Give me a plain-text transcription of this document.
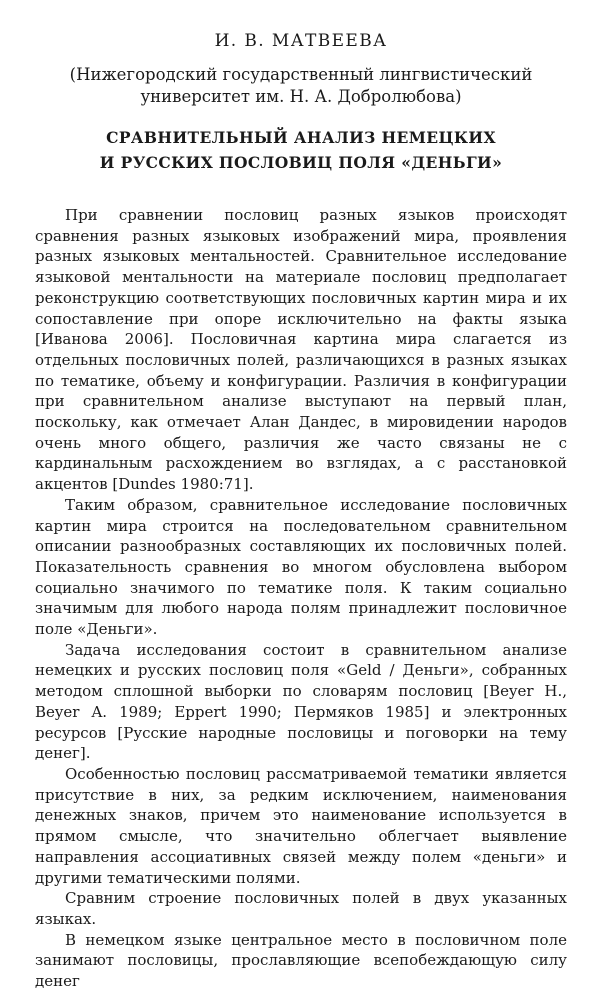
И. В. МАТВЕЕВА

(Нижегородский государственный лингвистический
университет им. Н. А. Добролюбова)

СРАВНИТЕЛЬНЫЙ АНАЛИЗ НЕМЕЦКИХ
И РУССКИХ ПОСЛОВИЦ ПОЛЯ «ДЕНЬГИ»

При сравнении пословиц разных языков происходят сравнения разных языковых изображений мира, проявления разных языковых ментальностей. Сравнительное исследование языковой ментальности на материале пословиц предполагает реконструкцию соответствующих пословичных картин мира и их сопоставление при опоре исключительно на факты языка [Иванова 2006]. Пословичная картина мира слагается из отдельных пословичных полей, различающихся в разных языках по тематике, объему и конфигурации. Различия в конфигурации при сравнительном анализе выступают на первый план, поскольку, как отмечает Алан Дандес, в мировидении народов очень много общего, различия же часто связаны не с кардинальным расхождением во взглядах, а с расстановкой акцентов [Dundes 1980:71].

Таким образом, сравнительное исследование пословичных картин мира строится на последовательном сравнительном описании разнообразных составляющих их пословичных полей. Показательность сравнения во многом обусловлена выбором социально значимого по тематике поля. К таким социально значимым для любого народа полям принадлежит пословичное поле «Деньги».

Задача исследования состоит в сравнительном анализе немецких и русских пословиц поля «Geld / Деньги», собранных методом сплошной выборки по словарям пословиц [Beyer H., Beyer A. 1989; Eppert 1990; Пермяков 1985] и электронных ресурсов [Русские народные пословицы и поговорки на тему денег].

Особенностью пословиц рассматриваемой тематики является присутствие в них, за редким исключением, наименования денежных знаков, причем это наименование используется в прямом смысле, что значительно облегчает выявление направления ассоциативных связей между полем «деньги» и другими тематическими полями.

Сравним строение пословичных полей в двух указанных языках.

В немецком языке центральное место в пословичном поле занимают пословицы, прославляющие всепобеждающую силу денег
